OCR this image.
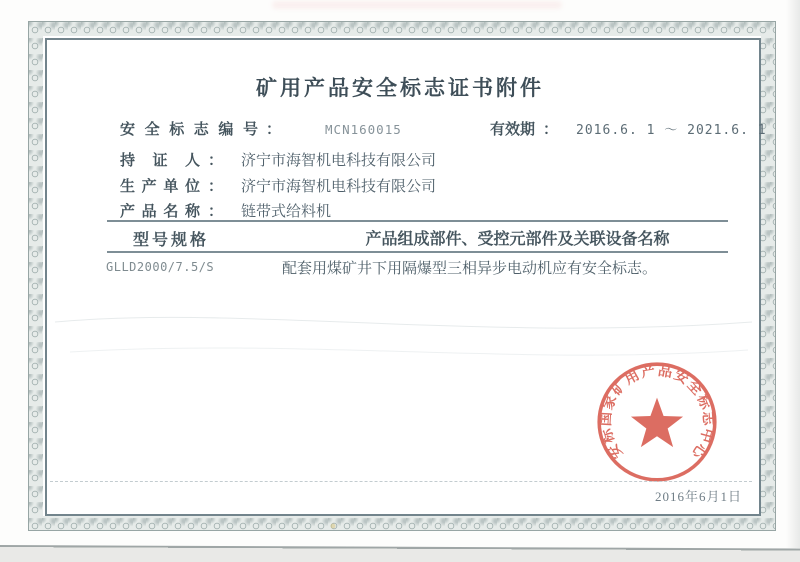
矿用产品安全标志证书附件
安全标志编号 ：	MCN160015	有效期 ： 2016.6. 1 ～ 2021.6. 1
持证人 ： 济宁市海智机电科技有限公司
生产单位 ： 济宁市海智机电科技有限公司
产品名称 ： 链带式给料机
型号规格	产品组成部件、受控元部件及关联设备名称
GLLD2000/7.5/S	配套用煤矿井下用隔爆型三相异步电动机应有安全标志。
安标国家矿用产品安全标志中心
2016年6月1日
